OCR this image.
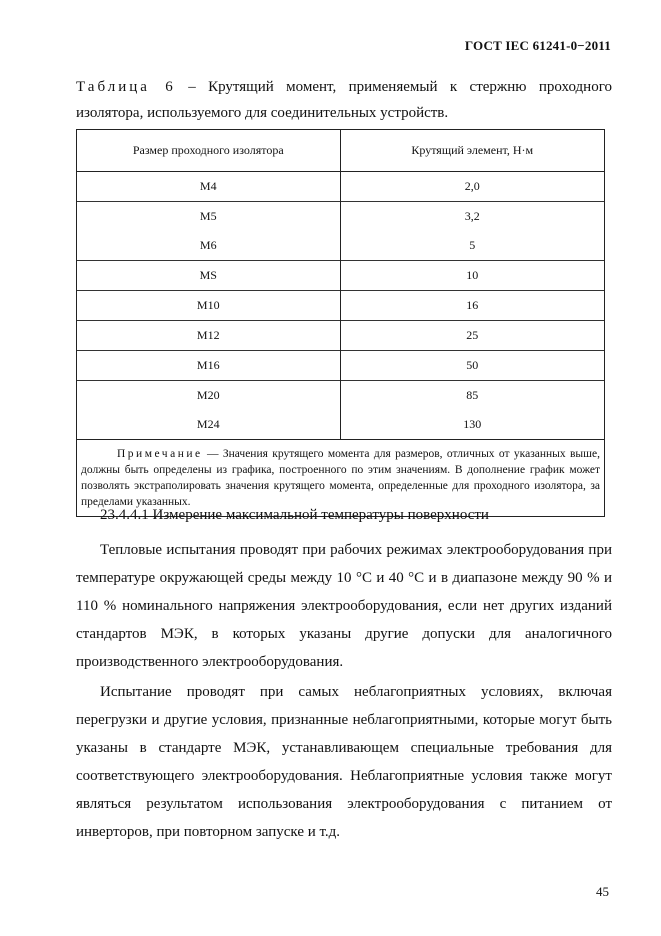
ГОСТ IEC 61241-0−2011
Таблица 6 – Крутящий момент, применяемый к стержню проходного изолятора, используемого для соединительных устройств.
Размер проходного изолятора	Крутящий элемент, Н·м
M4	2,0
M5	3,2
M6	5
MS	10
M10	16
M12	25
M16	50
M20	85
M24	130
Примечание — Значения крутящего момента для размеров, отличных от указанных выше, должны быть определены из графика, построенного по этим значениям. В дополнение график может позволять экстраполировать значения крутящего момента, определенные для проходного изолятора, за пределами указанных.	
23.4.4.1 Измерение максимальной температуры поверхности

Тепловые испытания проводят при рабочих режимах электрооборудования при температуре окружающей среды между 10 °С и 40 °С и в диапазоне между 90 % и 110 % номинального напряжения электрооборудования, если нет других изданий стандартов МЭК, в которых указаны другие допуски для аналогичного производственного электрооборудования.

Испытание проводят при самых неблагоприятных условиях, включая перегрузки и другие условия, признанные неблагоприятными, которые могут быть указаны в стандарте МЭК, устанавливающем специальные требования для соответствующего электрооборудования. Неблагоприятные условия также могут являться результатом использования электрооборудования с питанием от инверторов, при повторном запуске и т.д.

45
